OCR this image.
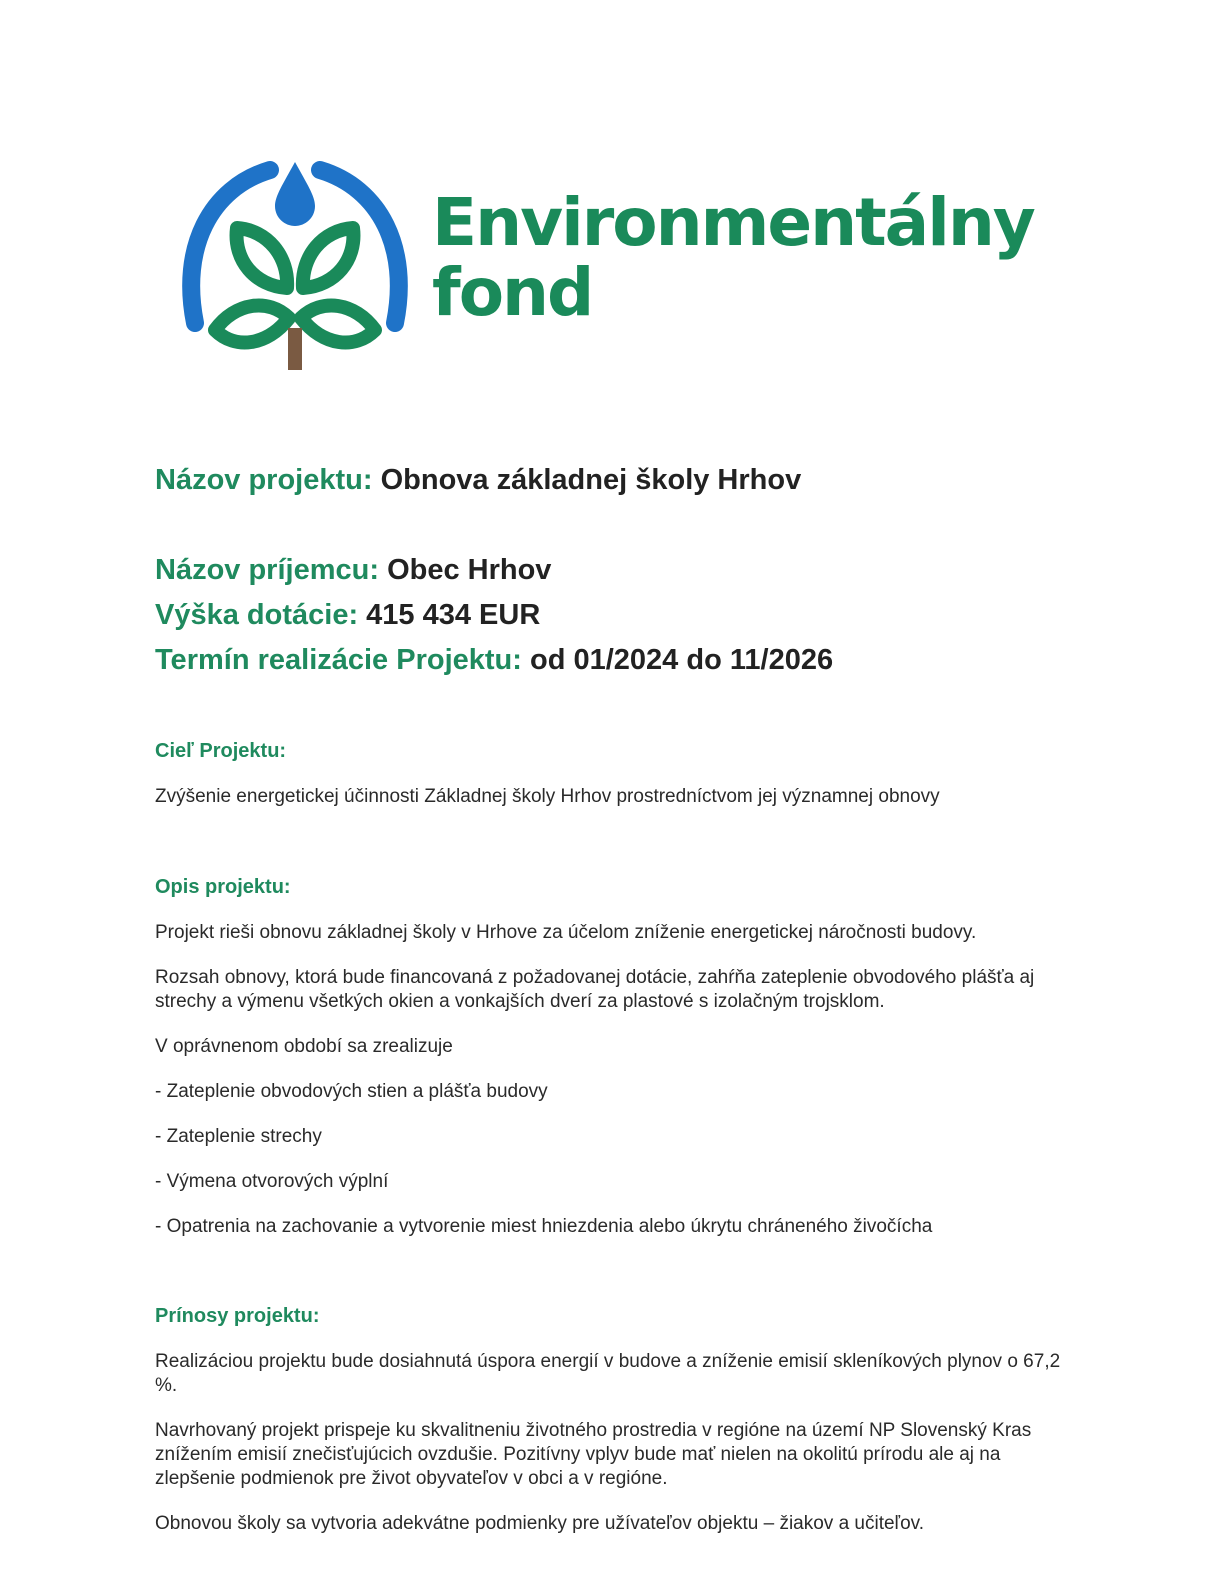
Environmentálny
fond
Názov projektu: Obnova základnej školy Hrhov
Názov príjemcu: Obec Hrhov
Výška dotácie: 415 434 EUR
Termín realizácie Projektu: od 01/2024 do 11/2026
Cieľ Projektu:

Zvýšenie energetickej účinnosti Základnej školy Hrhov prostredníctvom jej významnej obnovy

Opis projektu:

Projekt rieši obnovu základnej školy v Hrhove za účelom zníženie energetickej náročnosti budovy.

Rozsah obnovy, ktorá bude financovaná z požadovanej dotácie, zahŕňa zateplenie obvodového plášťa aj strechy a výmenu všetkých okien a vonkajších dverí za plastové s izolačným trojsklom.

V oprávnenom období sa zrealizuje

- Zateplenie obvodových stien a plášťa budovy

- Zateplenie strechy

- Výmena otvorových výplní

- Opatrenia na zachovanie a vytvorenie miest hniezdenia alebo úkrytu chráneného živočícha

Prínosy projektu:

Realizáciou projektu bude dosiahnutá úspora energií v budove a zníženie emisií skleníkových plynov o 67,2 %.

Navrhovaný projekt prispeje ku skvalitneniu životného prostredia v regióne na území NP Slovenský Kras znížením emisií znečisťujúcich ovzdušie. Pozitívny vplyv bude mať nielen na okolitú prírodu ale aj na zlepšenie podmienok pre život obyvateľov v obci a v regióne.

Obnovou školy sa vytvoria adekvátne podmienky pre užívateľov objektu – žiakov a učiteľov.
